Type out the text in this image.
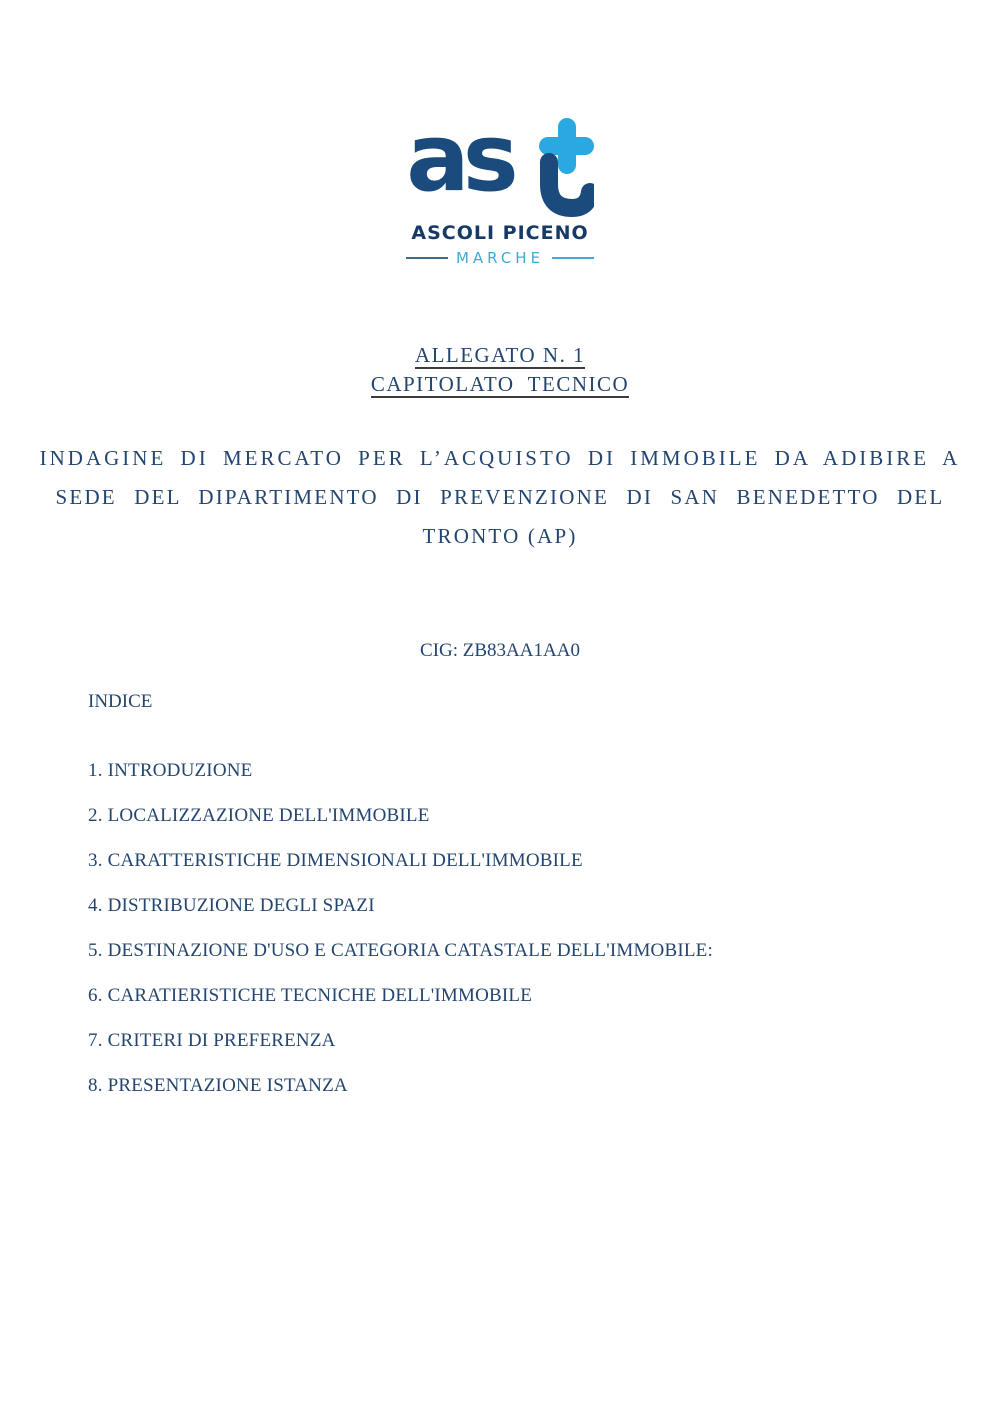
as
ASCOLI PICENO
MARCHE
ALLEGATO N. 1
CAPITOLATO  TECNICO
INDAGINE DI MERCATO PER L’ACQUISTO DI IMMOBILE DA ADIBIRE A
SEDE DEL DIPARTIMENTO DI PREVENZIONE DI SAN BENEDETTO DEL
TRONTO (AP)
CIG: ZB83AA1AA0
INDICE
1. INTRODUZIONE
2. LOCALIZZAZIONE DELL'IMMOBILE
3. CARATTERISTICHE DIMENSIONALI DELL'IMMOBILE
4. DISTRIBUZIONE DEGLI SPAZI
5. DESTINAZIONE D'USO E CATEGORIA CATASTALE DELL'IMMOBILE:
6. CARATIERISTICHE TECNICHE DELL'IMMOBILE
7. CRITERI DI PREFERENZA
8. PRESENTAZIONE ISTANZA
